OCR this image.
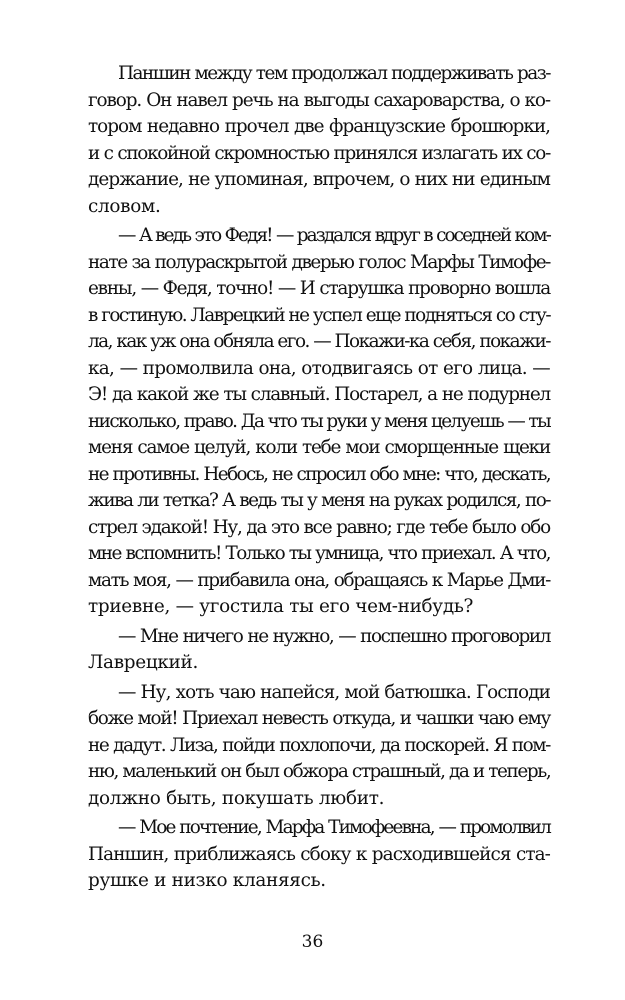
Паншин между тем продолжал поддерживать раз-
говор. Он навел речь на выгоды сахароварства, о ко-
тором недавно прочел две французские брошюрки,
и с спокойной скромностью принялся излагать их со-
держание, не упоминая, впрочем, о них ни единым
словом.
— А ведь это Федя! — раздался вдруг в соседней ком-
нате за полураскрытой дверью голос Марфы Тимофе-
евны, — Федя, точно! — И старушка проворно вошла
в гостиную. Лаврецкий не успел еще подняться со сту-
ла, как уж она обняла его. — Покажи-ка себя, покажи-
ка, — промолвила она, отодвигаясь от его лица. —
Э! да какой же ты славный. Постарел, а не подурнел
нисколько, право. Да что ты руки у меня целуешь — ты
меня самое целуй, коли тебе мои сморщенные щеки
не противны. Небось, не спросил обо мне: что, дескать,
жива ли тетка? А ведь ты у меня на руках родился, по-
стрел эдакой! Ну, да это все равно; где тебе было обо
мне вспомнить! Только ты умница, что приехал. А что,
мать моя, — прибавила она, обращаясь к Марье Дми-
триевне, — угостила ты его чем-нибудь?
— Мне ничего не нужно, — поспешно проговорил
Лаврецкий.
— Ну, хоть чаю напейся, мой батюшка. Господи
боже мой! Приехал невесть откуда, и чашки чаю ему
не дадут. Лиза, пойди похлопочи, да поскорей. Я пом-
ню, маленький он был обжора страшный, да и теперь,
должно быть, покушать любит.
— Мое почтение, Марфа Тимофеевна, — промолвил
Паншин, приближаясь сбоку к расходившейся ста-
рушке и низко кланяясь.
36
